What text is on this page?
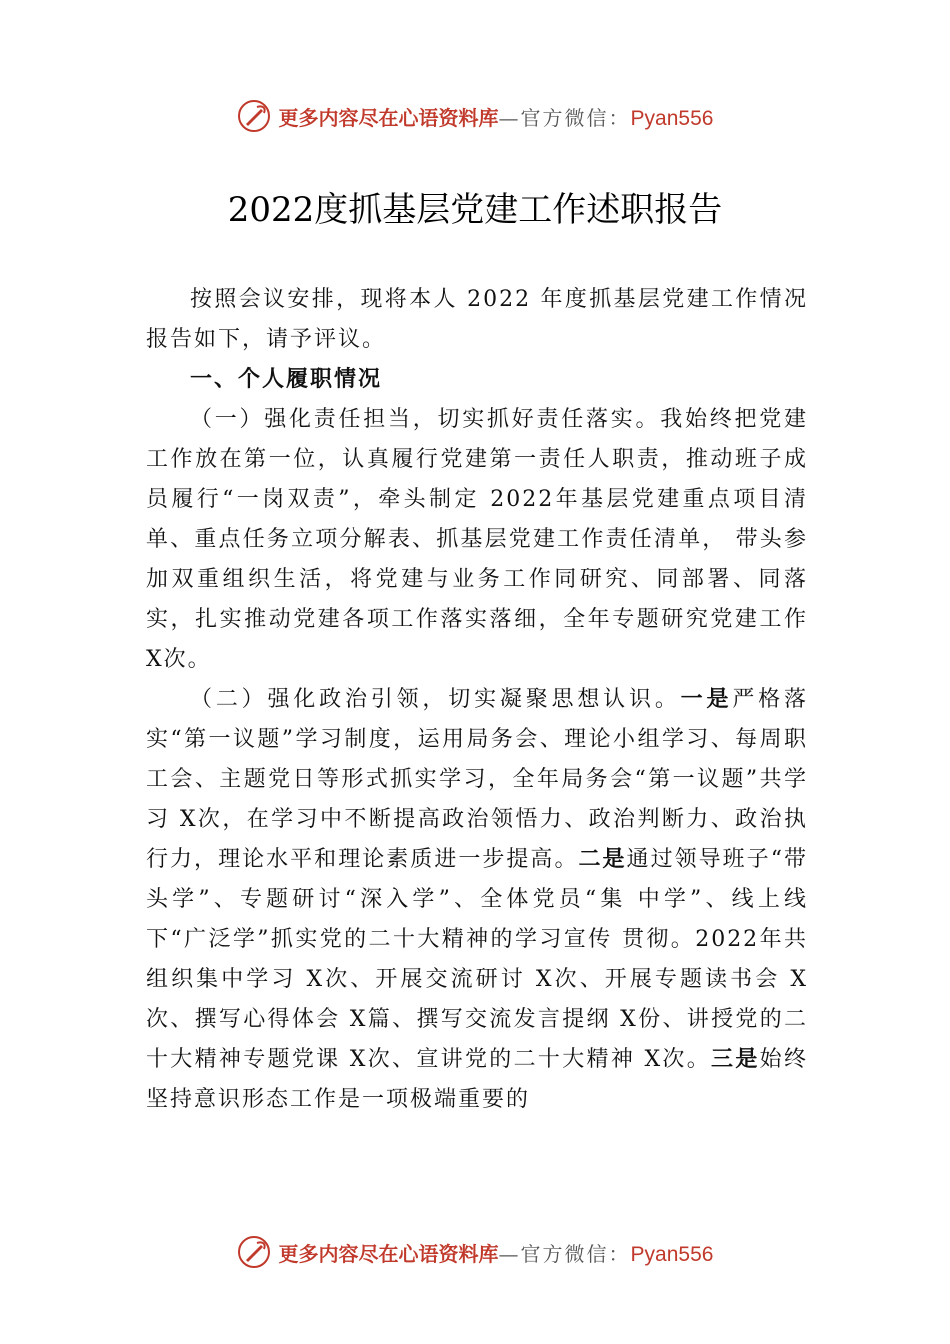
更多内容尽在心语资料库 —官方微信： Pyan556
2022度抓基层党建工作述职报告

按照会议安排，现将本人 2022 年度抓基层党建工作情况报告如下，请予评议。

一、个人履职情况

（一）强化责任担当，切实抓好责任落实。我始终把党建工作放在第一位，认真履行党建第一责任人职责，推动班子成员履行“一岗双责”，牵头制定 2022年基层党建重点项目清单、重点任务立项分解表、抓基层党建工作责任清单， 带头参加双重组织生活，将党建与业务工作同研究、同部署、同落实，扎实推动党建各项工作落实落细，全年专题研究党建工作 X次。

（二）强化政治引领，切实凝聚思想认识。一是严格落实“第一议题”学习制度，运用局务会、理论小组学习、每周职工会、主题党日等形式抓实学习，全年局务会“第一议题”共学习 X次，在学习中不断提高政治领悟力、政治判断力、政治执行力，理论水平和理论素质进一步提高。二是通过领导班子“带头学”、专题研讨“深入学”、全体党员“集 中学”、线上线下“广泛学”抓实党的二十大精神的学习宣传 贯彻。2022年共组织集中学习 X次、开展交流研讨 X次、开展专题读书会 X次、撰写心得体会 X篇、撰写交流发言提纲 X份、讲授党的二十大精神专题党课 X次、宣讲党的二十大精神 X次。三是始终坚持意识形态工作是一项极端重要的

更多内容尽在心语资料库 —官方微信： Pyan556
